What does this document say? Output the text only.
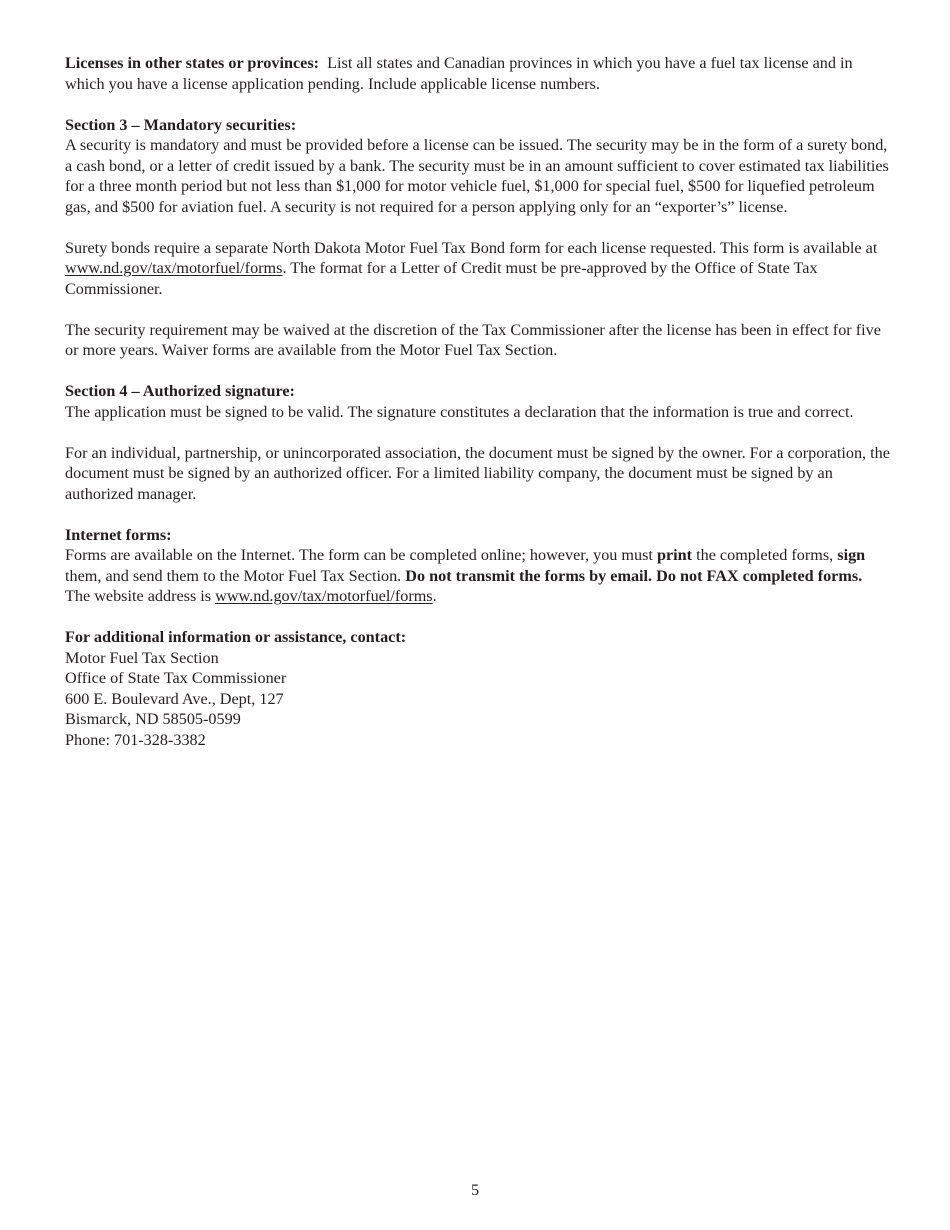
Licenses in other states or provinces:  List all states and Canadian provinces in which you have a fuel tax license and in which you have a license application pending. Include applicable license numbers.

Section 3 – Mandatory securities:

A security is mandatory and must be provided before a license can be issued. The security may be in the form of a surety bond, a cash bond, or a letter of credit issued by a bank. The security must be in an amount sufficient to cover estimated tax liabilities for a three month period but not less than $1,000 for motor vehicle fuel, $1,000 for special fuel, $500 for liquefied petroleum gas, and $500 for aviation fuel. A security is not required for a person applying only for an “exporter’s” license.

Surety bonds require a separate North Dakota Motor Fuel Tax Bond form for each license requested. This form is available at www.nd.gov/tax/motorfuel/forms. The format for a Letter of Credit must be pre-approved by the Office of State Tax Commissioner.

The security requirement may be waived at the discretion of the Tax Commissioner after the license has been in effect for five or more years. Waiver forms are available from the Motor Fuel Tax Section.

Section 4 – Authorized signature:

The application must be signed to be valid. The signature constitutes a declaration that the information is true and correct.

For an individual, partnership, or unincorporated association, the document must be signed by the owner. For a corporation, the document must be signed by an authorized officer. For a limited liability company, the document must be signed by an authorized manager.

Internet forms:

Forms are available on the Internet. The form can be completed online; however, you must print the completed forms, sign them, and send them to the Motor Fuel Tax Section. Do not transmit the forms by email. Do not FAX completed forms. The website address is www.nd.gov/tax/motorfuel/forms.

For additional information or assistance, contact:
Motor Fuel Tax Section
Office of State Tax Commissioner
600 E. Boulevard Ave., Dept, 127
Bismarck, ND 58505-0599
Phone: 701-328-3382
5
